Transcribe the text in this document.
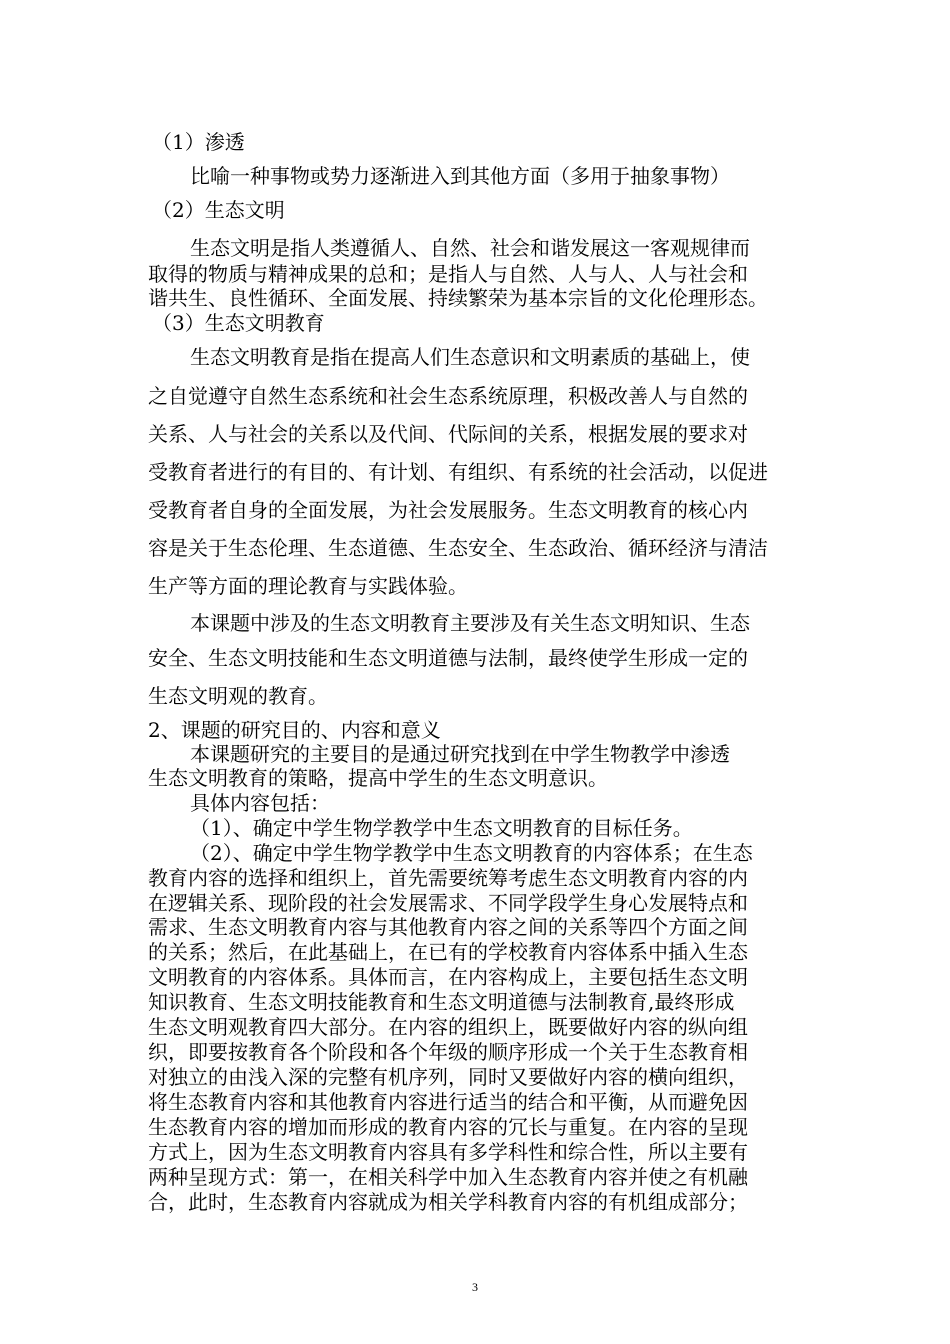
（1）渗透
比喻一种事物或势力逐渐进入到其他方面（多用于抽象事物）
（2）生态文明
生态文明是指人类遵循人、自然、社会和谐发展这一客观规律而
取得的物质与精神成果的总和；是指人与自然、人与人、人与社会和
谐共生、良性循环、全面发展、持续繁荣为基本宗旨的文化伦理形态。
（3）生态文明教育
生态文明教育是指在提高人们生态意识和文明素质的基础上，使
之自觉遵守自然生态系统和社会生态系统原理，积极改善人与自然的
关系、人与社会的关系以及代间、代际间的关系，根据发展的要求对
受教育者进行的有目的、有计划、有组织、有系统的社会活动，以促进
受教育者自身的全面发展，为社会发展服务。生态文明教育的核心内
容是关于生态伦理、生态道德、生态安全、生态政治、循环经济与清洁
生产等方面的理论教育与实践体验。
本课题中涉及的生态文明教育主要涉及有关生态文明知识、生态
安全、生态文明技能和生态文明道德与法制，最终使学生形成一定的
生态文明观的教育。
2、课题的研究目的、内容和意义
本课题研究的主要目的是通过研究找到在中学生物教学中渗透
生态文明教育的策略，提高中学生的生态文明意识。
具体内容包括：
（1）、确定中学生物学教学中生态文明教育的目标任务。
（2）、确定中学生物学教学中生态文明教育的内容体系；在生态
教育内容的选择和组织上，首先需要统筹考虑生态文明教育内容的内
在逻辑关系、现阶段的社会发展需求、不同学段学生身心发展特点和
需求、生态文明教育内容与其他教育内容之间的关系等四个方面之间
的关系；然后，在此基础上，在已有的学校教育内容体系中插入生态
文明教育的内容体系。具体而言，在内容构成上，主要包括生态文明
知识教育、生态文明技能教育和生态文明道德与法制教育,最终形成
生态文明观教育四大部分。在内容的组织上，既要做好内容的纵向组
织，即要按教育各个阶段和各个年级的顺序形成一个关于生态教育相
对独立的由浅入深的完整有机序列，同时又要做好内容的横向组织，
将生态教育内容和其他教育内容进行适当的结合和平衡，从而避免因
生态教育内容的增加而形成的教育内容的冗长与重复。在内容的呈现
方式上，因为生态文明教育内容具有多学科性和综合性，所以主要有
两种呈现方式：第一，在相关科学中加入生态教育内容并使之有机融
合，此时，生态教育内容就成为相关学科教育内容的有机组成部分；
3
